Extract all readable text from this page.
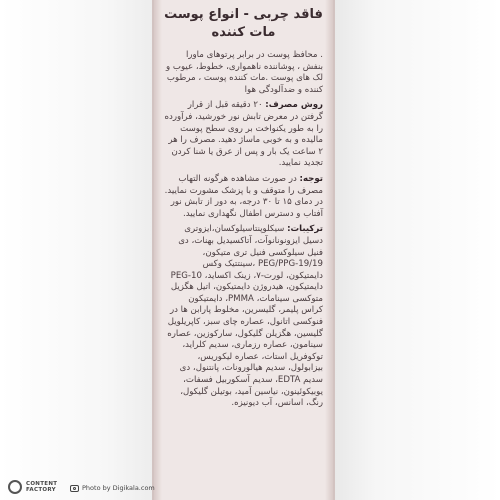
فاقد چربی - انواع پوست
مات کننده
. محافظ پوست در برابر پرتوهای ماورا بنفش ، پوشاننده ناهمواری، خطوط، عیوب و لک های پوست .مات کننده پوست ، مرطوب کننده و ضدآلودگی هوا
روش مصرف: ۲۰ دقیقه قبل از قرار گرفتن در معرض تابش نور خورشید، فرآورده را به طور یکنواخت بر روی سطح پوست مالیده و به خوبی ماساژ دهید. مصرف را هر ۲ ساعت یک بار و پس از عرق یا شنا کردن تجدید نمایید.
توجه: در صورت مشاهده هرگونه التهاب مصرف را متوقف و با پزشک مشورت نمایید. در دمای ۱۵ تا ۳۰ درجه، به دور از تابش نور آفتاب و دسترس اطفال نگهداری نمایید.
ترکیبات: سیکلوپنتاسیلوکسان،ایزوتری دسیل ایزونونانوآت، آتاکسیدیل بهنات، دی فنیل سیلوکسی فنیل تری متیکون، PEG/PPG-19/19 ،سینتتیک وکس دایمتیکون، لورت-۷، زینک اکساید، PEG-10 دایمتیکون، هیدروژن دایمتیکون، اتیل هگزیل متوکسی سینامات، PMMA، دایمتیکون کراس پلیمر، گلیسرین، مخلوط پارابن ها در فنوکسی اتانول، عصاره چای سبز، کاپریلویل گلیسین، هگزیلن گلیکول، سارکوزین، عصاره سینامون، عصاره رزماری، سدیم کلراید، توکوفریل استات، عصاره لیکوریس، بیزابولول، سدیم هیالورونات، پانتنول، دی سدیم EDTA، سدیم آسکوربیل فسفات، یوبیکوئینون، نیاسین آمید، بوتیلن گلیکول، رنگ، اسانس، آب دیونیزه.
CONTENT
FACTORY	Photo by Digikala.com
